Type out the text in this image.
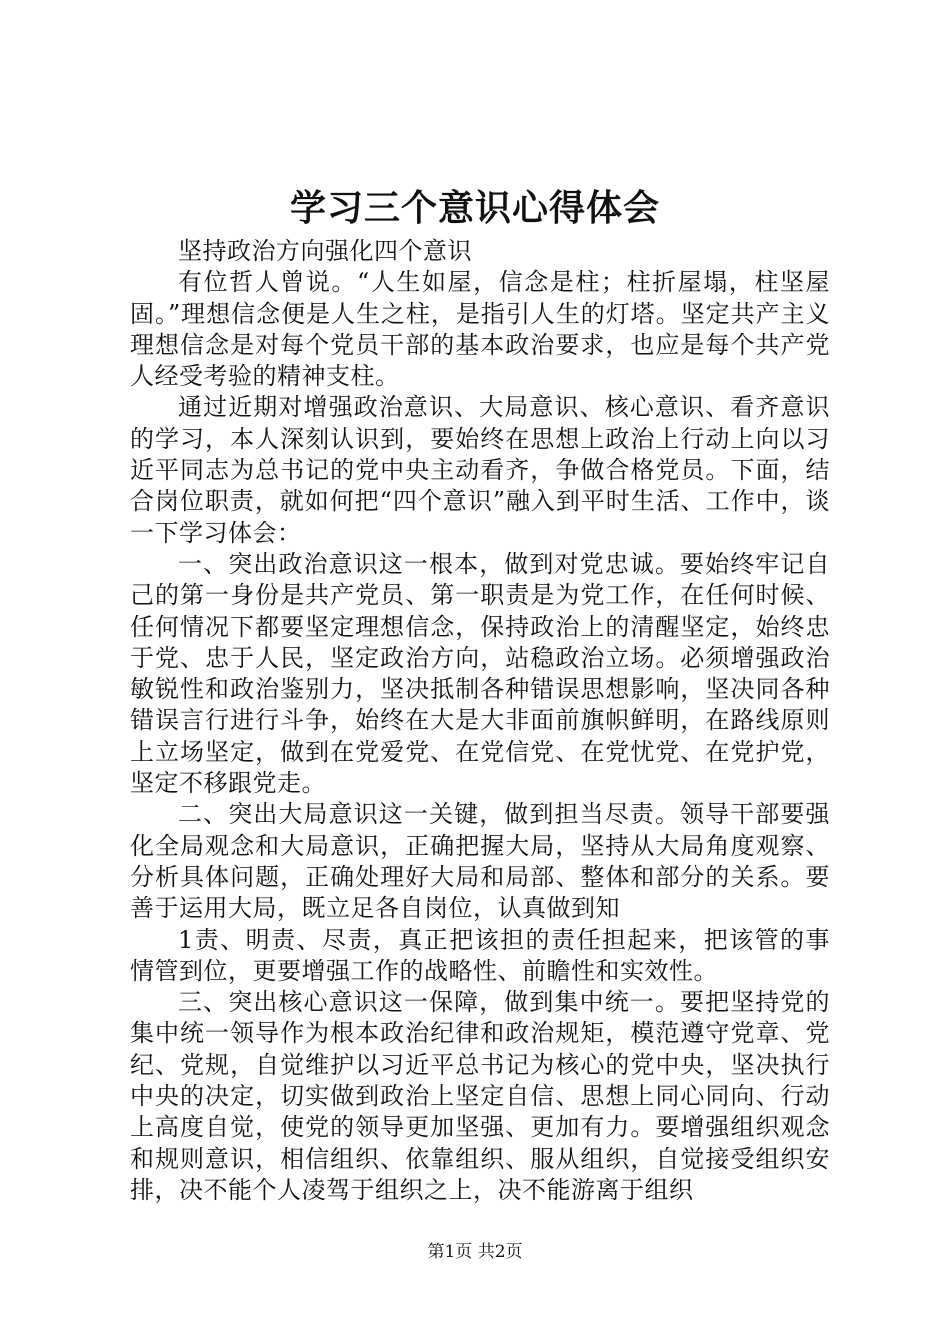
学习三个意识心得体会

坚持政治方向强化四个意识

有位哲人曾说。“人生如屋，信念是柱；柱折屋塌，柱坚屋固。”理想信念便是人生之柱，是指引人生的灯塔。坚定共产主义理想信念是对每个党员干部的基本政治要求，也应是每个共产党人经受考验的精神支柱。

通过近期对增强政治意识、大局意识、核心意识、看齐意识的学习，本人深刻认识到，要始终在思想上政治上行动上向以习近平同志为总书记的党中央主动看齐，争做合格党员。下面，结合岗位职责，就如何把“四个意识”融入到平时生活、工作中，谈一下学习体会：

一、突出政治意识这一根本，做到对党忠诚。要始终牢记自己的第一身份是共产党员、第一职责是为党工作，在任何时候、任何情况下都要坚定理想信念，保持政治上的清醒坚定，始终忠于党、忠于人民，坚定政治方向，站稳政治立场。必须增强政治敏锐性和政治鉴别力，坚决抵制各种错误思想影响，坚决同各种错误言行进行斗争，始终在大是大非面前旗帜鲜明，在路线原则上立场坚定，做到在党爱党、在党信党、在党忧党、在党护党，坚定不移跟党走。

二、突出大局意识这一关键，做到担当尽责。领导干部要强化全局观念和大局意识，正确把握大局，坚持从大局角度观察、分析具体问题，正确处理好大局和局部、整体和部分的关系。要善于运用大局，既立足各自岗位，认真做到知

1责、明责、尽责，真正把该担的责任担起来，把该管的事情管到位，更要增强工作的战略性、前瞻性和实效性。

三、突出核心意识这一保障，做到集中统一。要把坚持党的集中统一领导作为根本政治纪律和政治规矩，模范遵守党章、党纪、党规，自觉维护以习近平总书记为核心的党中央，坚决执行中央的决定，切实做到政治上坚定自信、思想上同心同向、行动上高度自觉，使党的领导更加坚强、更加有力。要增强组织观念和规则意识，相信组织、依靠组织、服从组织，自觉接受组织安排，决不能个人凌驾于组织之上，决不能游离于组织

第1页 共2页
